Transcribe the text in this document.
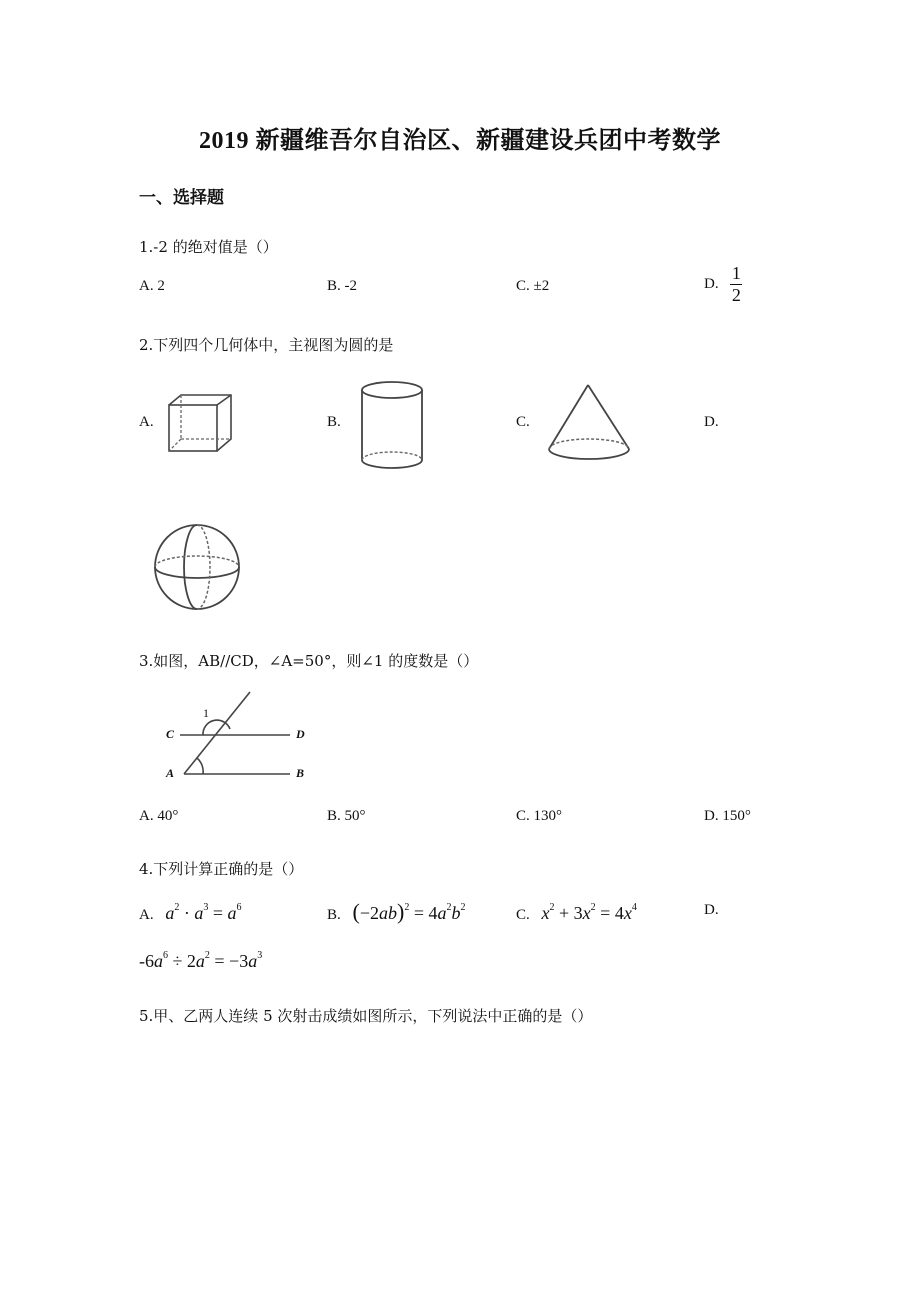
2019 新疆维吾尔自治区、新疆建设兵团中考数学
一、选择题
1.-2 的绝对值是（）
A. 2	B. -2	C. ±2	D. $\frac{1}{2}$
2.下列四个几何体中，主视图为圆的是
A.	B.	C.	D.
3.如图，AB//CD，∠A=50°，则∠1 的度数是（）
C	D
A	B
1
A. 40°	B. 50°	C. 130°	D. 150°
4.下列计算正确的是（）
A. $a^2 \cdot a^3 = a^6$	B. $(-2ab)^2 = 4a^2b^2$	C. $x^2 + 3x^2 = 4x^4$	D.
$-6a^6 \div 2a^2 = -3a^3$
5.甲、乙两人连续 5 次射击成绩如图所示，下列说法中正确的是（）
